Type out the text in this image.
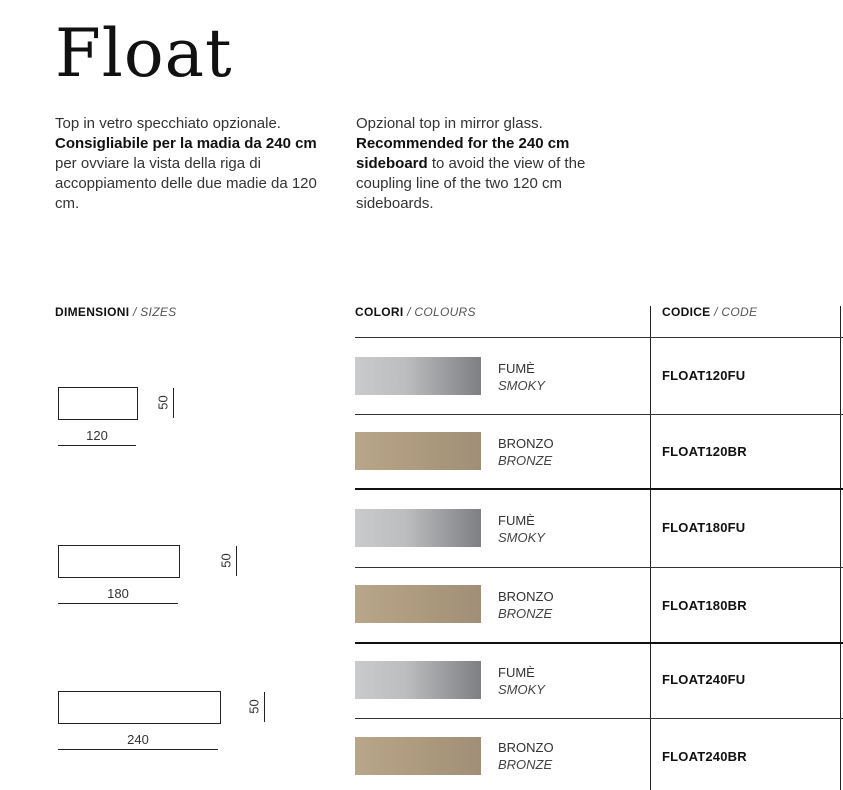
Float
Top in vetro specchiato opzionale.
Consigliabile per la madia da 240 cm per ovviare la vista della riga di accoppiamento delle due madie da 120 cm.
Opzional top in mirror glass.
Recommended for the 240 cm sideboard to avoid the view of the coupling line of the two 120 cm sideboards.
DIMENSIONI / SIZES	COLORI / COLOURS	CODICE / CODE
120
50
180
50
240
50
FUMÈ
SMOKY
FLOAT120FU
BRONZO
BRONZE
FLOAT120BR
FUMÈ
SMOKY
FLOAT180FU
BRONZO
BRONZE
FLOAT180BR
FUMÈ
SMOKY
FLOAT240FU
BRONZO
BRONZE
FLOAT240BR
